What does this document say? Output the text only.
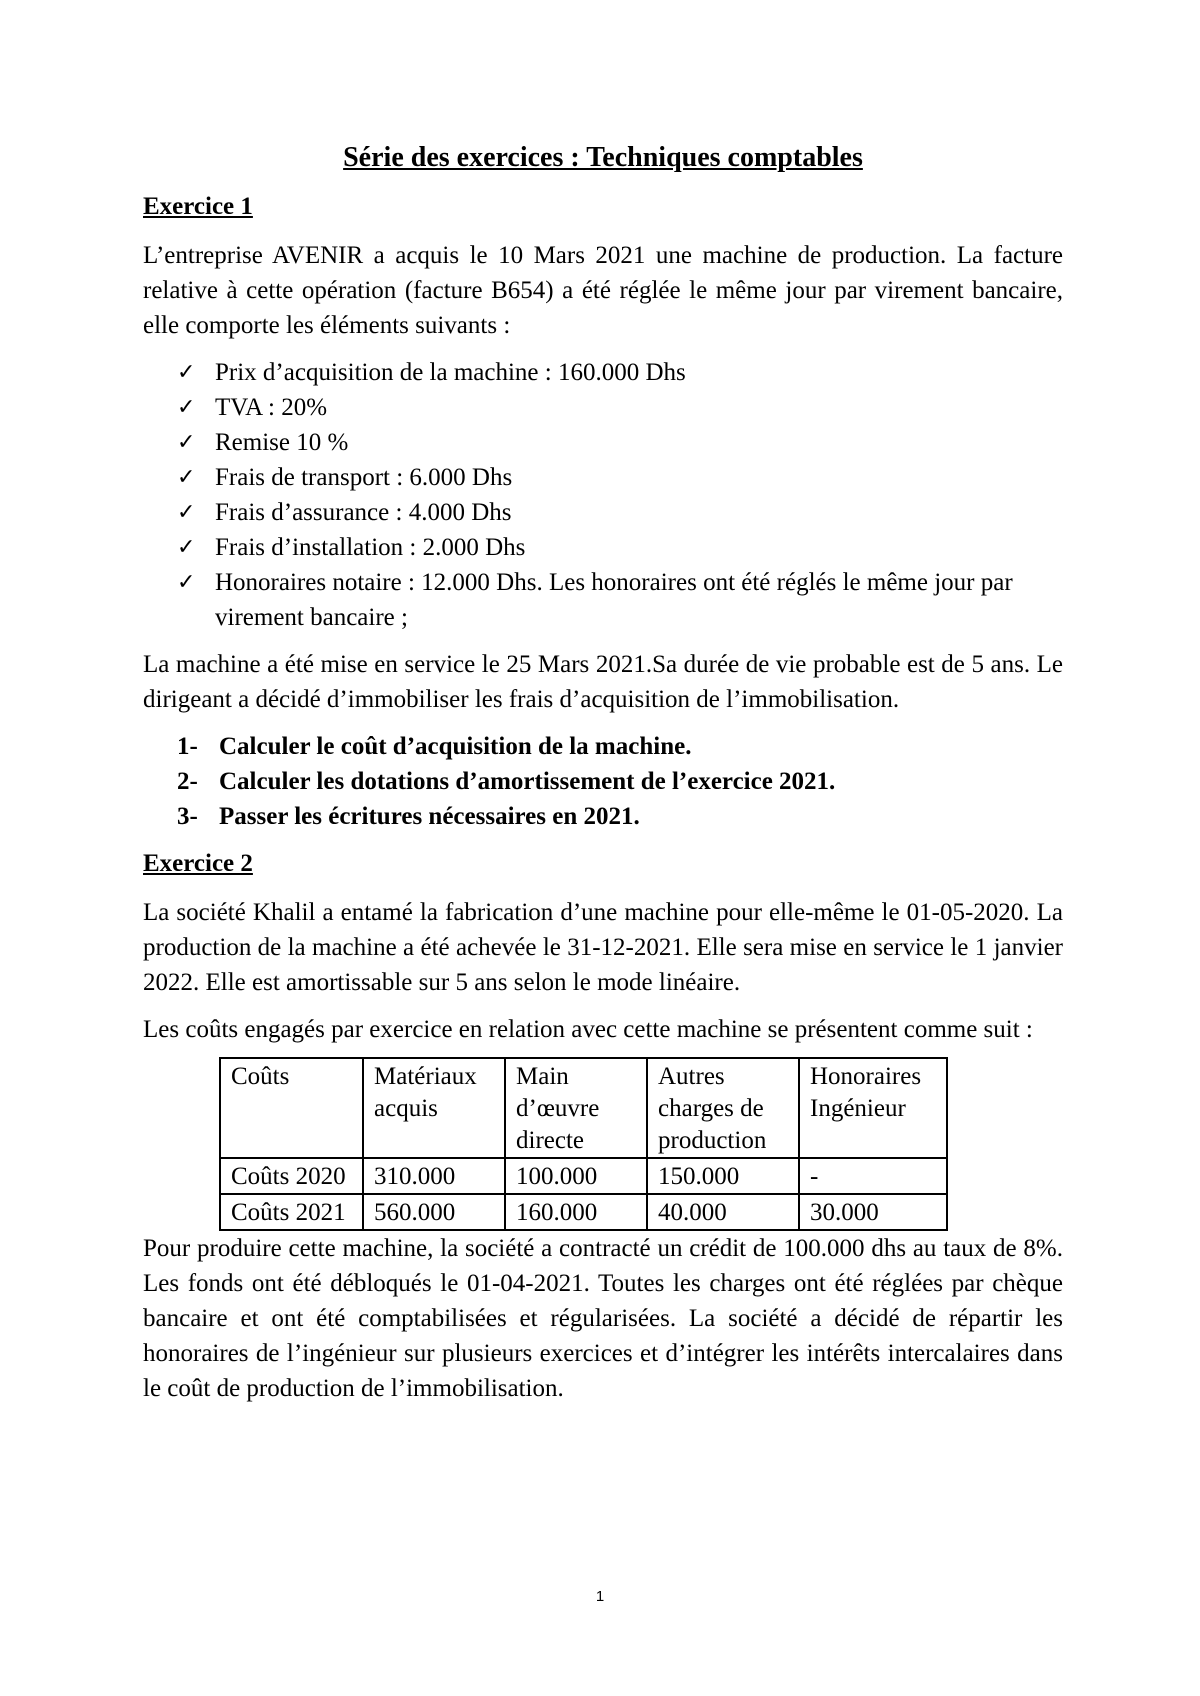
Série des exercices : Techniques comptables
Exercice 1

L’entreprise AVENIR a acquis le 10 Mars 2021 une machine de production. La facture relative à cette opération (facture B654) a été réglée le même jour par virement bancaire, elle comporte les éléments suivants :

✓ Prix d’acquisition de la machine : 160.000 Dhs
✓ TVA : 20%
✓ Remise 10 %
✓ Frais de transport : 6.000 Dhs
✓ Frais d’assurance : 4.000 Dhs
✓ Frais d’installation : 2.000 Dhs
✓ Honoraires notaire : 12.000 Dhs. Les honoraires ont été réglés le même jour par virement bancaire ;

La machine a été mise en service le 25 Mars 2021.Sa durée de vie probable est de 5 ans. Le dirigeant a décidé d’immobiliser les frais d’acquisition de l’immobilisation.

1- Calculer le coût d’acquisition de la machine.
2- Calculer les dotations d’amortissement de l’exercice 2021.
3- Passer les écritures nécessaires en 2021.
Exercice 2

La société Khalil a entamé la fabrication d’une machine pour elle-même le 01-05-2020. La production de la machine a été achevée le 31-12-2021. Elle sera mise en service le 1 janvier 2022. Elle est amortissable sur 5 ans selon le mode linéaire.

Les coûts engagés par exercice en relation avec cette machine se présentent comme suit :

Coûts	Matériaux acquis	Main d’œuvre directe	Autres charges de production	Honoraires Ingénieur
Coûts 2020	310.000	100.000	150.000	-
Coûts 2021	560.000	160.000	40.000	30.000

Pour produire cette machine, la société a contracté un crédit de 100.000 dhs au taux de 8%. Les fonds ont été débloqués le 01-04-2021. Toutes les charges ont été réglées par chèque bancaire et ont été comptabilisées et régularisées. La société a décidé de répartir les honoraires de l’ingénieur sur plusieurs exercices et d’intégrer les intérêts intercalaires dans le coût de production de l’immobilisation.

1
